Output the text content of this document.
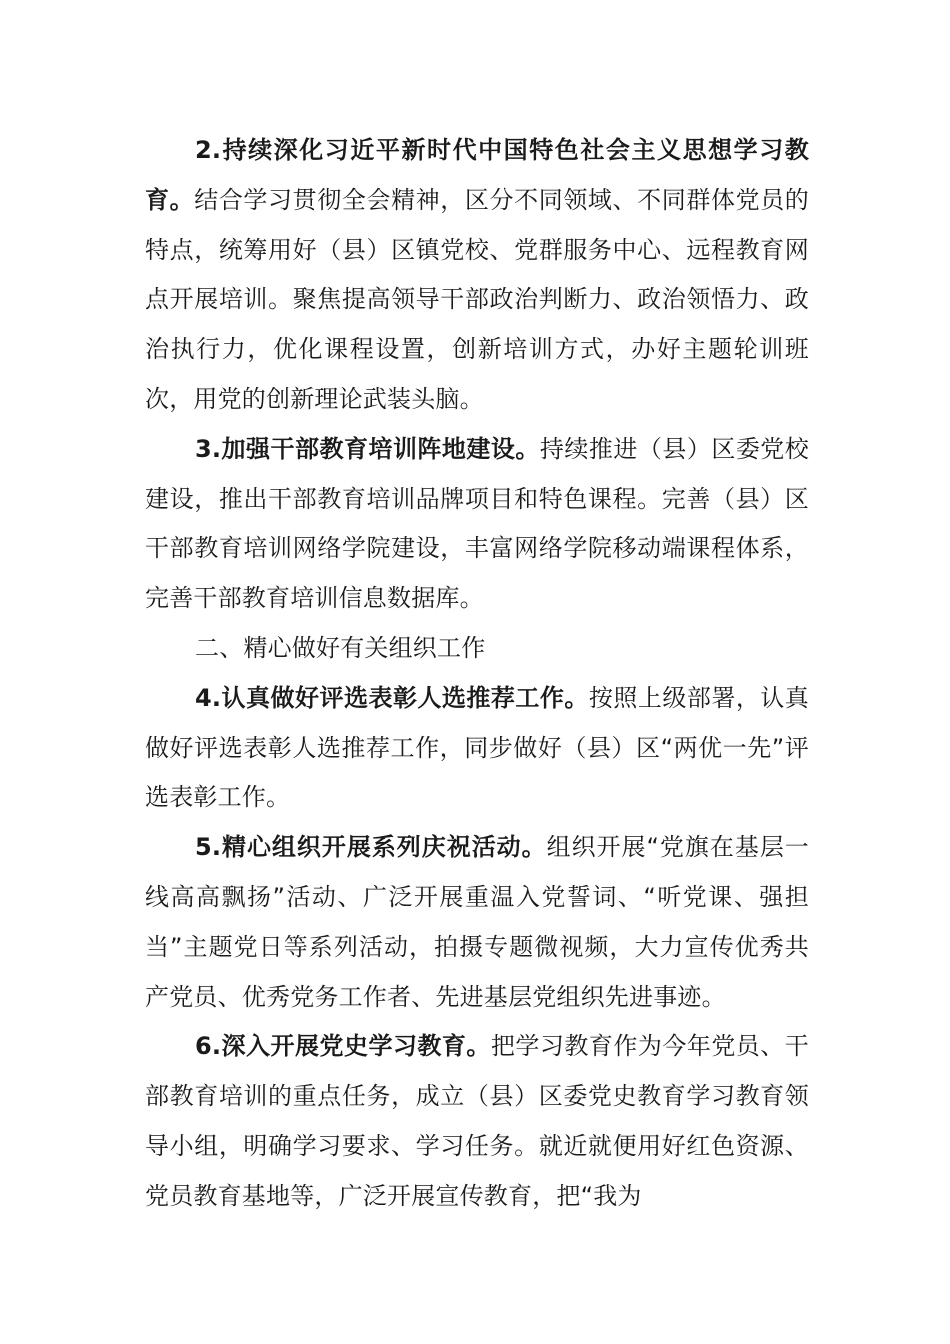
2.持续深化习近平新时代中国特色社会主义思想学习教育。结合学习贯彻全会精神，区分不同领域、不同群体党员的特点，统筹用好（县）区镇党校、党群服务中心、远程教育网点开展培训。聚焦提高领导干部政治判断力、政治领悟力、政治执行力，优化课程设置，创新培训方式，办好主题轮训班次，用党的创新理论武装头脑。

3.加强干部教育培训阵地建设。持续推进（县）区委党校建设，推出干部教育培训品牌项目和特色课程。完善（县）区干部教育培训网络学院建设，丰富网络学院移动端课程体系，完善干部教育培训信息数据库。

二、精心做好有关组织工作

4.认真做好评选表彰人选推荐工作。按照上级部署，认真做好评选表彰人选推荐工作，同步做好（县）区“两优一先”评选表彰工作。

5.精心组织开展系列庆祝活动。组织开展“党旗在基层一线高高飘扬”活动、广泛开展重温入党誓词、“听党课、强担当”主题党日等系列活动，拍摄专题微视频，大力宣传优秀共产党员、优秀党务工作者、先进基层党组织先进事迹。

6.深入开展党史学习教育。把学习教育作为今年党员、干部教育培训的重点任务，成立（县）区委党史教育学习教育领导小组，明确学习要求、学习任务。就近就便用好红色资源、党员教育基地等，广泛开展宣传教育，把“我为
